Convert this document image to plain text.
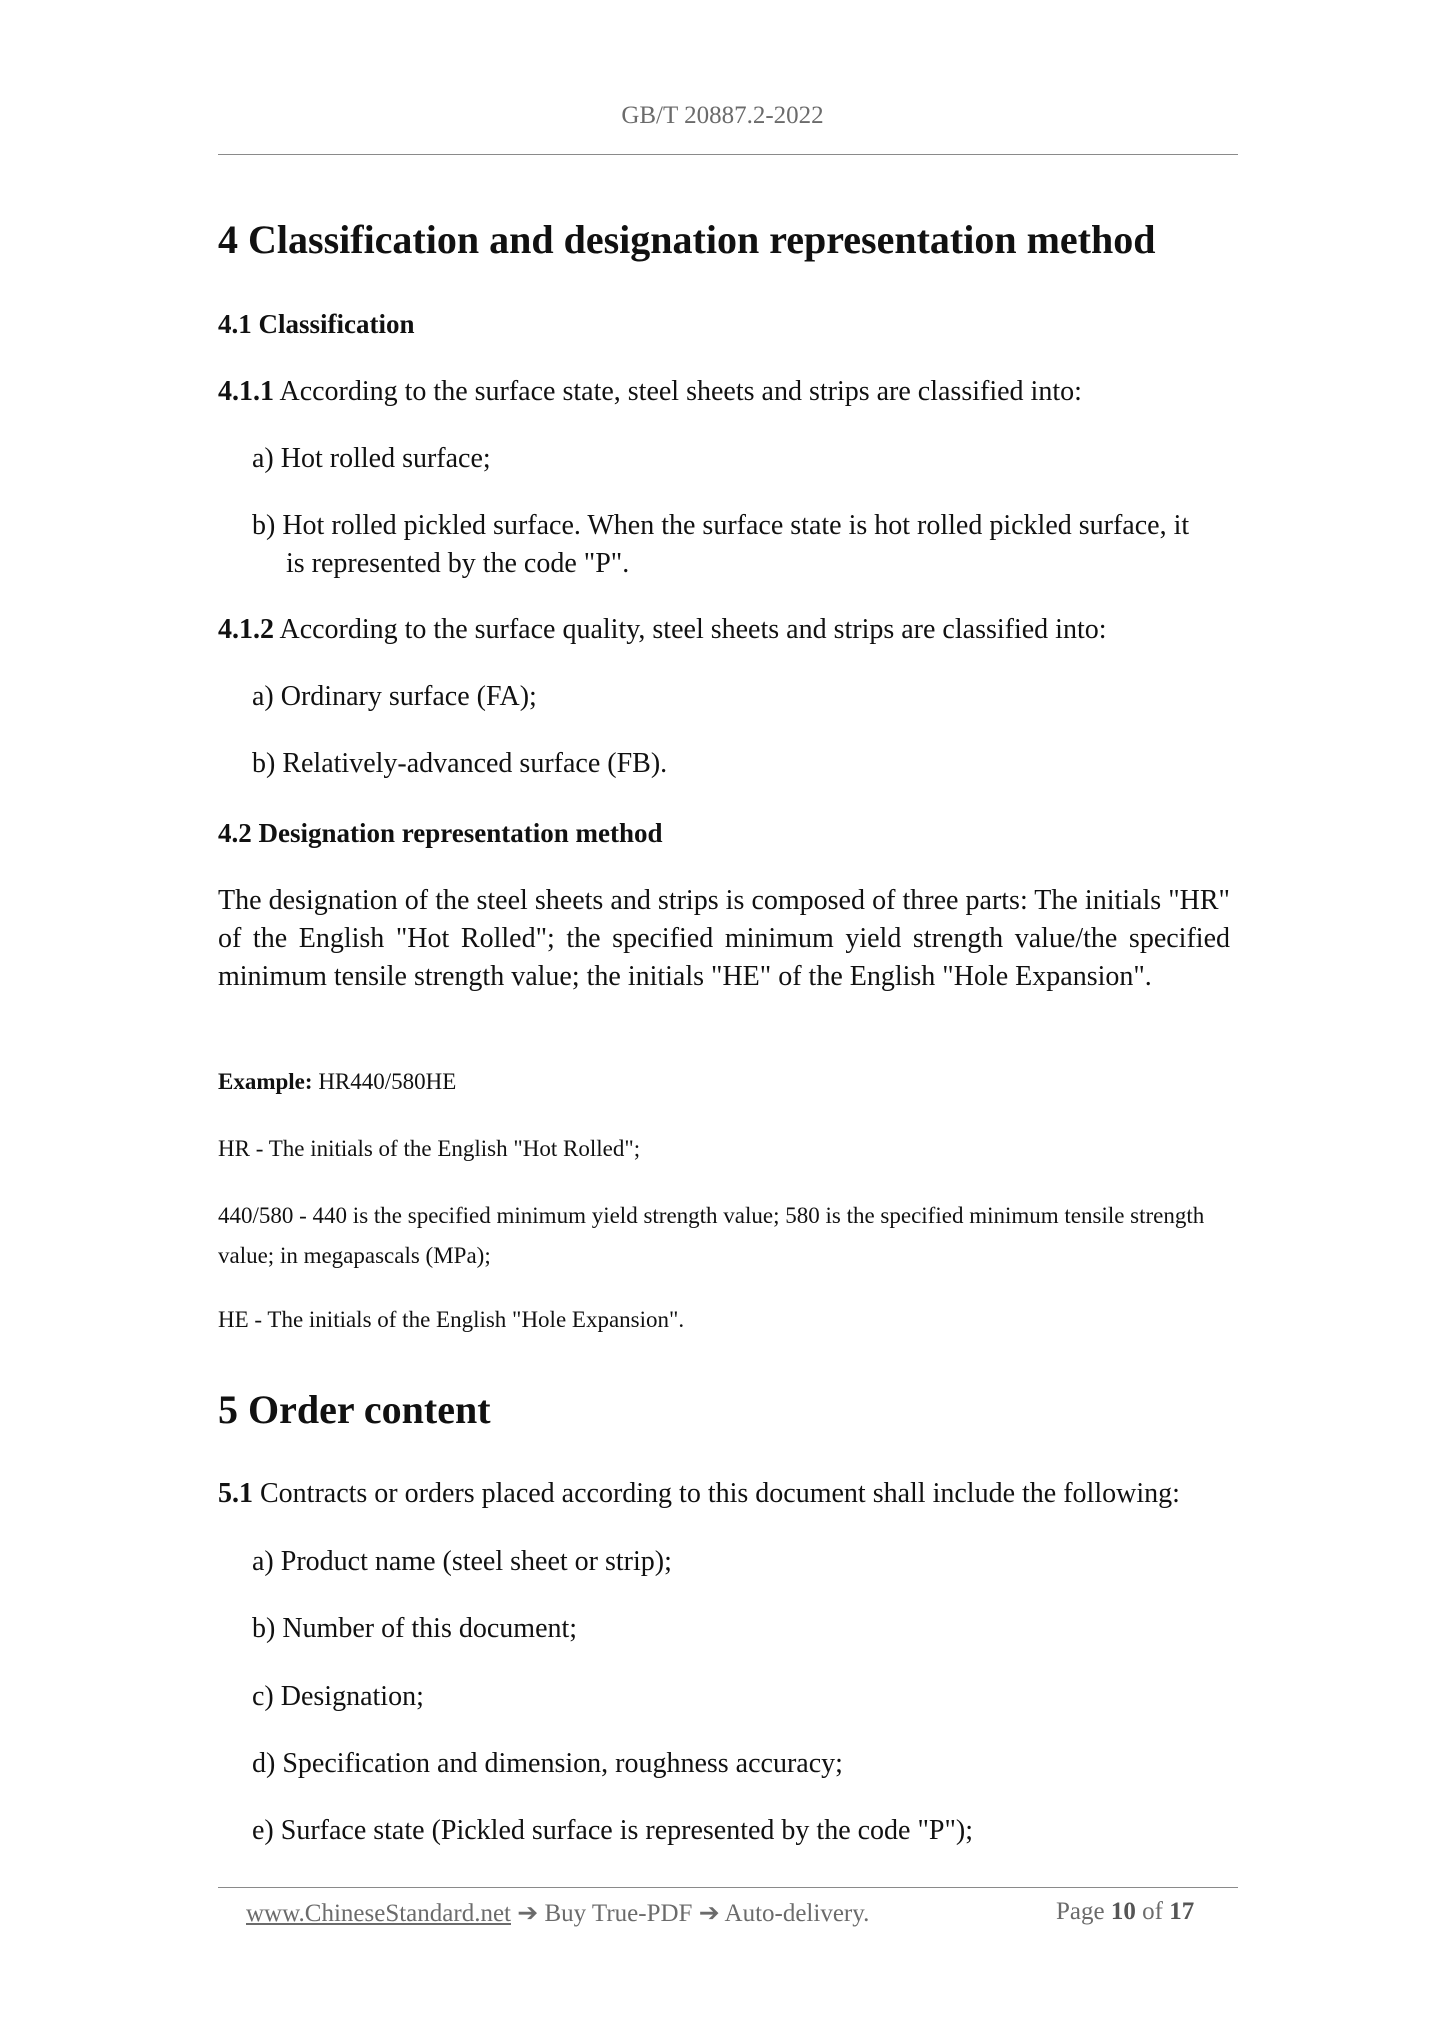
GB/T 20887.2-2022
4 Classification and designation representation method
4.1 Classification
4.1.1 According to the surface state, steel sheets and strips are classified into:
a) Hot rolled surface;
b) Hot rolled pickled surface. When the surface state is hot rolled pickled surface, it
is represented by the code "P".
4.1.2 According to the surface quality, steel sheets and strips are classified into:
a) Ordinary surface (FA);
b) Relatively-advanced surface (FB).
4.2 Designation representation method
The designation of the steel sheets and strips is composed of three parts: The initials "HR" of the English "Hot Rolled"; the specified minimum yield strength value/the specified minimum tensile strength value; the initials "HE" of the English "Hole Expansion".
Example: HR440/580HE
HR - The initials of the English "Hot Rolled";
440/580 - 440 is the specified minimum yield strength value; 580 is the specified minimum tensile strength value; in megapascals (MPa);
HE - The initials of the English "Hole Expansion".
5 Order content
5.1 Contracts or orders placed according to this document shall include the following:
a) Product name (steel sheet or strip);
b) Number of this document;
c) Designation;
d) Specification and dimension, roughness accuracy;
e) Surface state (Pickled surface is represented by the code "P");
www.ChineseStandard.net ➔ Buy True-PDF ➔ Auto-delivery.	Page 10 of 17
